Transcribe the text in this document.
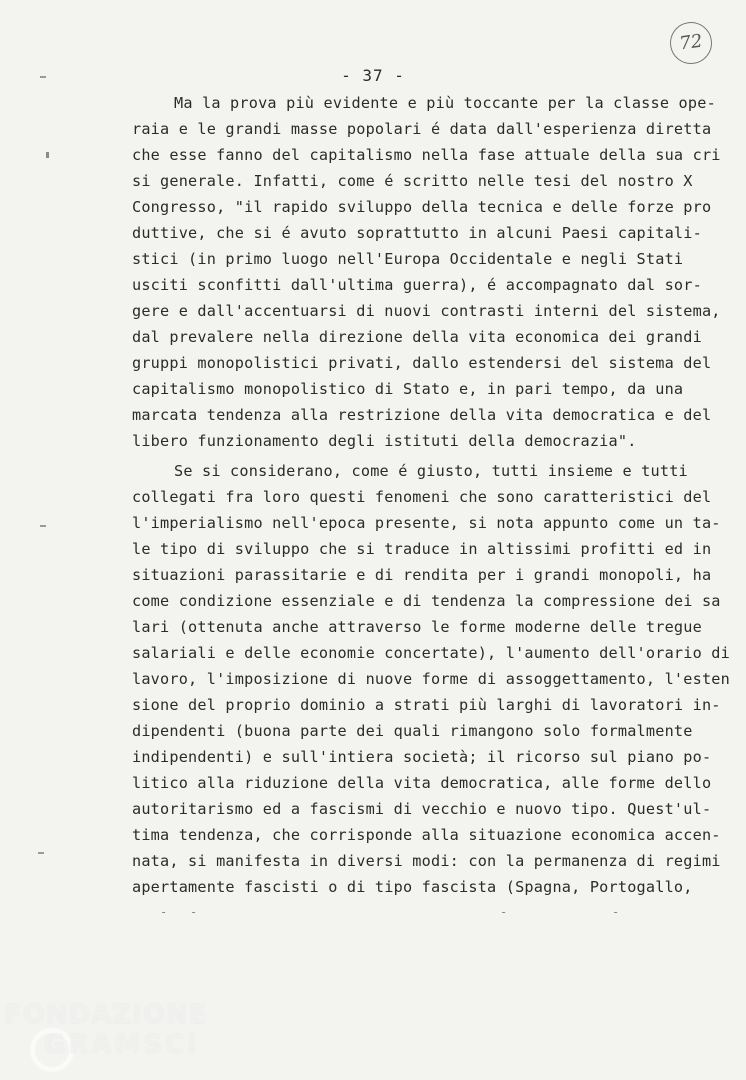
- 37 -
72
Ma la prova più evidente e più toccante per la classe ope-
raia e le grandi masse popolari é data dall'esperienza diretta
che esse fanno del capitalismo nella fase attuale della sua cri
si generale. Infatti, come é scritto nelle tesi del nostro X
Congresso, "il rapido sviluppo della tecnica e delle forze pro
duttive, che si é avuto soprattutto in alcuni Paesi capitali-
stici (in primo luogo nell'Europa Occidentale e negli Stati
usciti sconfitti dall'ultima guerra), é accompagnato dal sor-
gere e dall'accentuarsi di nuovi contrasti interni del sistema,
dal prevalere nella direzione della vita economica dei grandi
gruppi monopolistici privati, dallo estendersi del sistema del
capitalismo monopolistico di Stato e, in pari tempo, da una
marcata tendenza alla restrizione della vita democratica e del
libero funzionamento degli istituti della democrazia".
Se si considerano, come é giusto, tutti insieme e tutti
collegati fra loro questi fenomeni che sono caratteristici del
l'imperialismo nell'epoca presente, si nota appunto come un ta-
le tipo di sviluppo che si traduce in altissimi profitti ed in
situazioni parassitarie e di rendita per i grandi monopoli, ha
come condizione essenziale e di tendenza la compressione dei sa
lari (ottenuta anche attraverso le forme moderne delle tregue
salariali e delle economie concertate), l'aumento dell'orario di
lavoro, l'imposizione di nuove forme di assoggettamento, l'esten
sione del proprio dominio a strati più larghi di lavoratori in-
dipendenti (buona parte dei quali rimangono solo formalmente
indipendenti) e sull'intiera società; il ricorso sul piano po-
litico alla riduzione della vita democratica, alle forme dello
autoritarismo ed a fascismi di vecchio e nuovo tipo. Quest'ul-
tima tendenza, che corrisponde alla situazione economica accen-
nata, si manifesta in diversi modi: con la permanenza di regimi
apertamente fascisti o di tipo fascista (Spagna, Portogallo,
- -	-	-
FONDAZIONE
GRAMSCI
